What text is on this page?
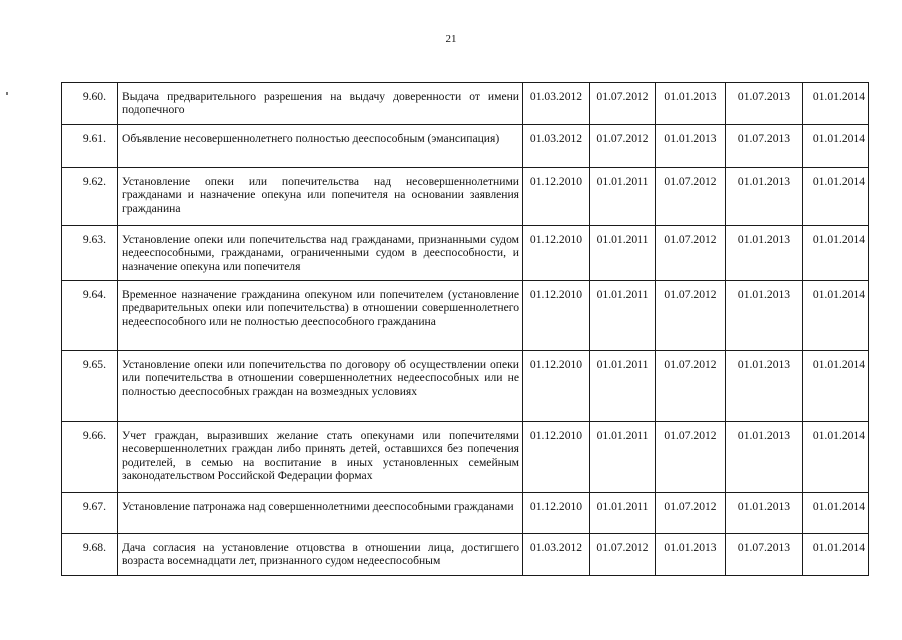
21
9.60.	Выдача предварительного разрешения на выдачу доверенности от имени подопечного	01.03.2012	01.07.2012	01.01.2013	01.07.2013	01.01.2014
9.61.	Объявление несовершеннолетнего полностью дееспособным (эмансипация)	01.03.2012	01.07.2012	01.01.2013	01.07.2013	01.01.2014
9.62.	Установление опеки или попечительства над несовершеннолетними гражданами и назначение опекуна или попечителя на основании заявления гражданина	01.12.2010	01.01.2011	01.07.2012	01.01.2013	01.01.2014
9.63.	Установление опеки или попечительства над гражданами, признанными судом недееспособными, гражданами, ограниченными судом в дееспособности, и назначение опекуна или попечителя	01.12.2010	01.01.2011	01.07.2012	01.01.2013	01.01.2014
9.64.	Временное назначение гражданина опекуном или попечителем (установление предварительных опеки или попечительства) в отношении совершеннолетнего недееспособного или не полностью дееспособного гражданина	01.12.2010	01.01.2011	01.07.2012	01.01.2013	01.01.2014
9.65.	Установление опеки или попечительства по договору об осуществлении опеки или попечительства в отношении совершеннолетних недееспособных или не полностью дееспособных граждан на возмездных условиях	01.12.2010	01.01.2011	01.07.2012	01.01.2013	01.01.2014
9.66.	Учет граждан, выразивших желание стать опекунами или попечителями несовершеннолетних граждан либо принять детей, оставшихся без попечения родителей, в семью на воспитание в иных установленных семейным законодательством Российской Федерации формах	01.12.2010	01.01.2011	01.07.2012	01.01.2013	01.01.2014
9.67.	Установление патронажа над совершеннолетними дееспособными гражданами	01.12.2010	01.01.2011	01.07.2012	01.01.2013	01.01.2014
9.68.	Дача согласия на установление отцовства в отношении лица, достигшего возраста восемнадцати лет, признанного судом недееспособным	01.03.2012	01.07.2012	01.01.2013	01.07.2013	01.01.2014
